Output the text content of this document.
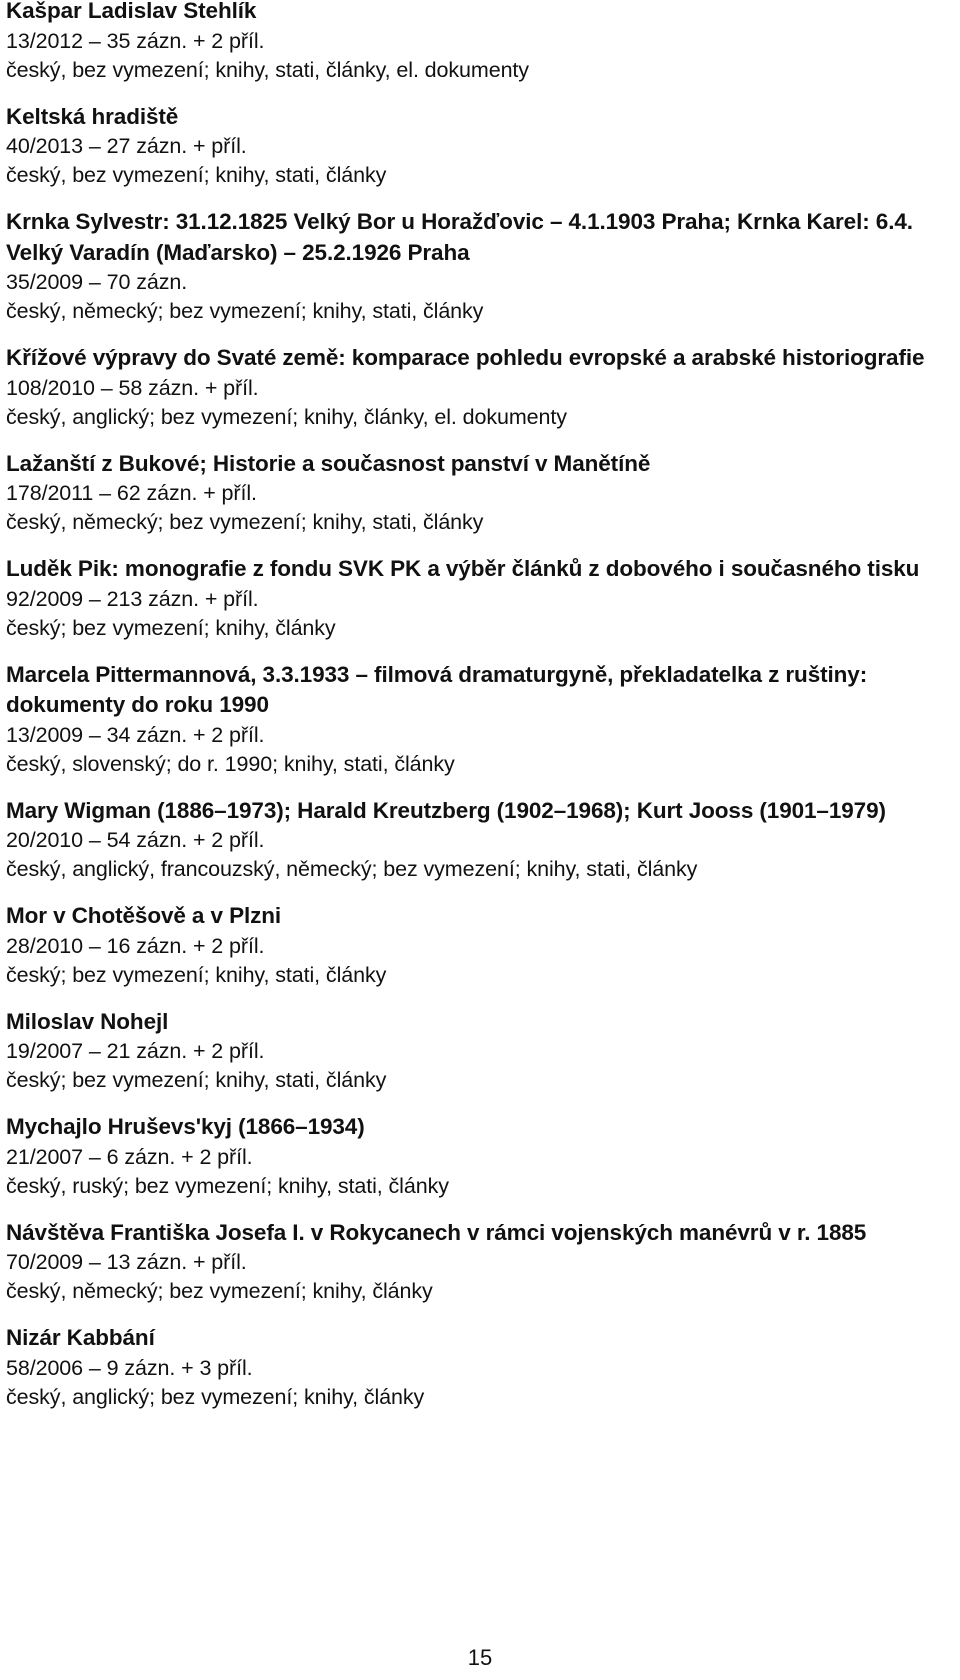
Kašpar Ladislav Stehlík
13/2012 – 35 zázn. + 2 příl.
český, bez vymezení; knihy, stati, články, el. dokumenty
Keltská hradiště
40/2013 – 27 zázn. + příl.
český, bez vymezení; knihy, stati, články
Krnka Sylvestr: 31.12.1825 Velký Bor u Horažďovic – 4.1.1903 Praha; Krnka Karel: 6.4. Velký Varadín (Maďarsko) – 25.2.1926 Praha
35/2009 – 70 zázn.
český, německý; bez vymezení; knihy, stati, články
Křížové výpravy do Svaté země: komparace pohledu evropské a arabské historiografie
108/2010 – 58 zázn. + příl.
český, anglický; bez vymezení; knihy, články, el. dokumenty
Lažanští z Bukové; Historie a současnost panství v Manětíně
178/2011 – 62 zázn. + příl.
český, německý; bez vymezení; knihy, stati, články
Luděk Pik: monografie z fondu SVK PK a výběr článků z dobového i současného tisku
92/2009 – 213 zázn. + příl.
český; bez vymezení; knihy, články
Marcela Pittermannová, 3.3.1933 – filmová dramaturgyně, překladatelka z ruštiny: dokumenty do roku 1990
13/2009 – 34 zázn. + 2 příl.
český, slovenský; do r. 1990; knihy, stati, články
Mary Wigman (1886–1973); Harald Kreutzberg (1902–1968); Kurt Jooss (1901–1979)
20/2010 – 54 zázn. + 2 příl.
český, anglický, francouzský, německý; bez vymezení; knihy, stati, články
Mor v Chotěšově a v Plzni
28/2010 – 16 zázn. + 2 příl.
český; bez vymezení; knihy, stati, články
Miloslav Nohejl
19/2007 – 21 zázn. + 2 příl.
český; bez vymezení; knihy, stati, články
Mychajlo Hruševs'kyj (1866–1934)
21/2007 – 6 zázn. + 2 příl.
český, ruský; bez vymezení; knihy, stati, články
Návštěva Františka Josefa I. v Rokycanech v rámci vojenských manévrů v r. 1885
70/2009 – 13 zázn. + příl.
český, německý; bez vymezení; knihy, články
Nizár Kabbání
58/2006 – 9 zázn. + 3 příl.
český, anglický; bez vymezení; knihy, články
15
